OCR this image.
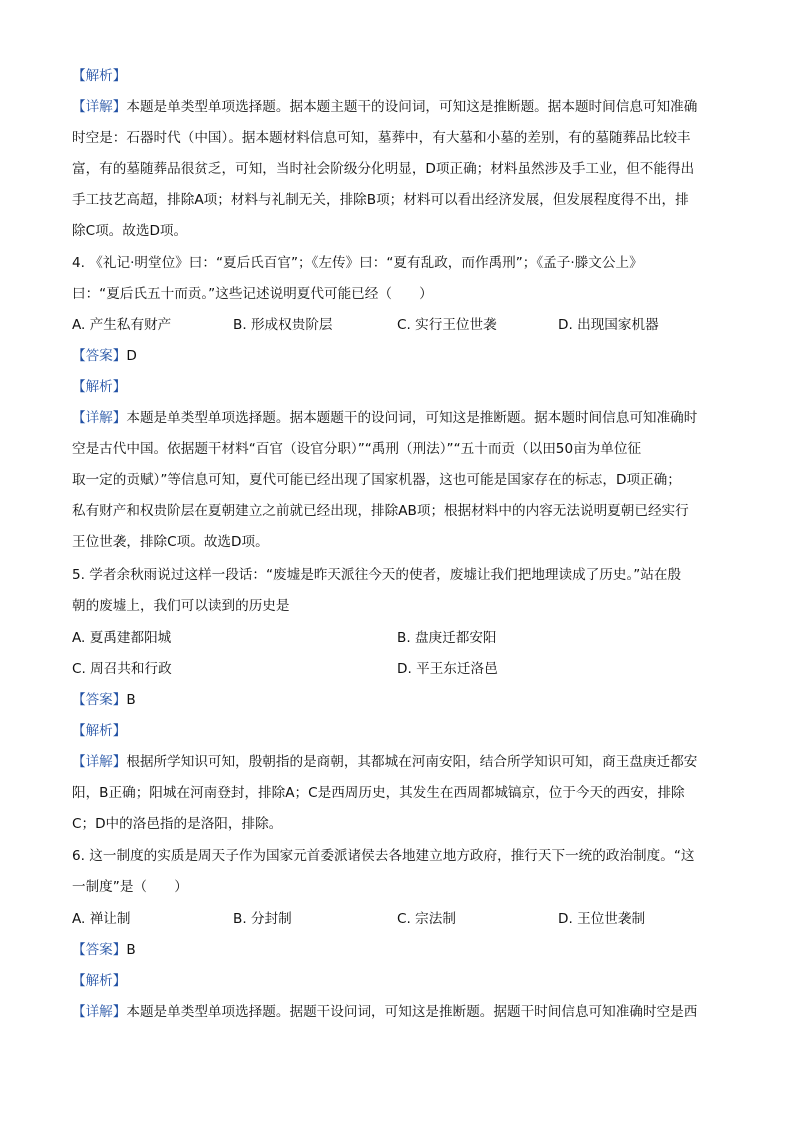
【解析】
【详解】本题是单类型单项选择题。据本题主题干的设问词，可知这是推断题。据本题时间信息可知准确
时空是：石器时代（中国）。据本题材料信息可知，墓葬中，有大墓和小墓的差别，有的墓随葬品比较丰
富，有的墓随葬品很贫乏，可知，当时社会阶级分化明显，D项正确；材料虽然涉及手工业，但不能得出
手工技艺高超，排除A项；材料与礼制无关，排除B项；材料可以看出经济发展，但发展程度得不出，排
除C项。故选D项。
4. 《礼记·明堂位》曰：“夏后氏百官”；《左传》曰：“夏有乱政，而作禹刑”；《孟子·滕文公上》
曰：“夏后氏五十而贡。”这些记述说明夏代可能已经（　　）
A. 产生私有财产	B. 形成权贵阶层	C. 实行王位世袭	D. 出现国家机器
【答案】D
【解析】
【详解】本题是单类型单项选择题。据本题题干的设问词，可知这是推断题。据本题时间信息可知准确时
空是古代中国。依据题干材料“百官（设官分职）”“禹刑（刑法）”“五十而贡（以田50亩为单位征
取一定的贡赋）”等信息可知，夏代可能已经出现了国家机器，这也可能是国家存在的标志，D项正确；
私有财产和权贵阶层在夏朝建立之前就已经出现，排除AB项；根据材料中的内容无法说明夏朝已经实行
王位世袭，排除C项。故选D项。
5. 学者余秋雨说过这样一段话：“废墟是昨天派往今天的使者，废墟让我们把地理读成了历史。”站在殷
朝的废墟上，我们可以读到的历史是
A. 夏禹建都阳城	B. 盘庚迁都安阳
C. 周召共和行政	D. 平王东迁洛邑
【答案】B
【解析】
【详解】根据所学知识可知，殷朝指的是商朝，其都城在河南安阳，结合所学知识可知，商王盘庚迁都安
阳，B正确；阳城在河南登封，排除A；C是西周历史，其发生在西周都城镐京，位于今天的西安，排除
C；D中的洛邑指的是洛阳，排除。
6. 这一制度的实质是周天子作为国家元首委派诸侯去各地建立地方政府，推行天下一统的政治制度。“这
一制度”是（　　）
A. 禅让制	B. 分封制	C. 宗法制	D. 王位世袭制
【答案】B
【解析】
【详解】本题是单类型单项选择题。据题干设问词，可知这是推断题。据题干时间信息可知准确时空是西
